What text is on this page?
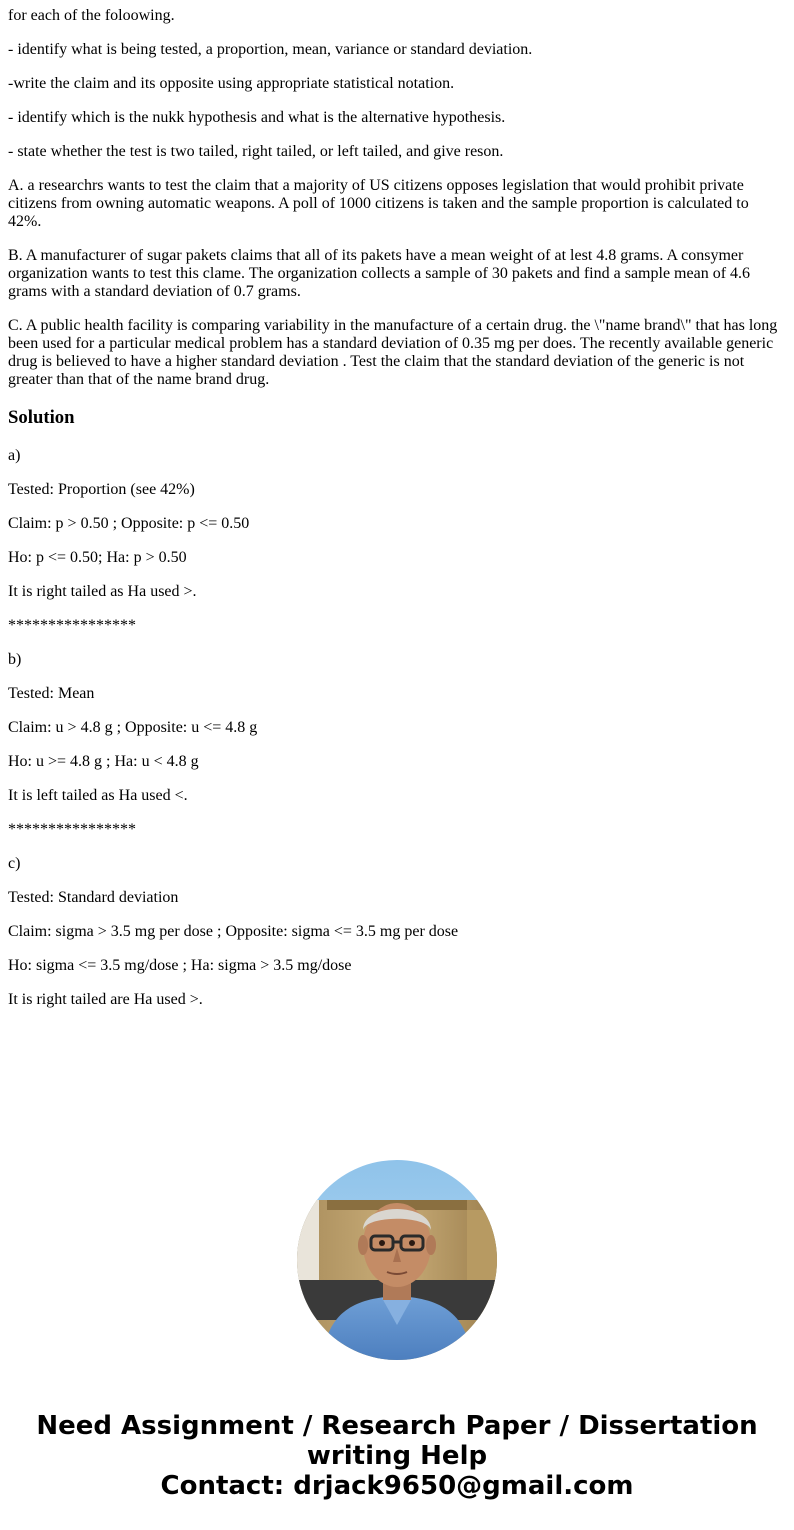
for each of the foloowing.

- identify what is being tested, a proportion, mean, variance or standard deviation.

-write the claim and its opposite using appropriate statistical notation.

- identify which is the nukk hypothesis and what is the alternative hypothesis.

- state whether the test is two tailed, right tailed, or left tailed, and give reson.

A. a researchrs wants to test the claim that a majority of US citizens opposes legislation that would prohibit private citizens from owning automatic weapons. A poll of 1000 citizens is taken and the sample proportion is calculated to 42%.

B. A manufacturer of sugar pakets claims that all of its pakets have a mean weight of at lest 4.8 grams. A consymer organization wants to test this clame. The organization collects a sample of 30 pakets and find a sample mean of 4.6 grams with a standard deviation of 0.7 grams.

C. A public health facility is comparing variability in the manufacture of a certain drug. the \"name brand\" that has long been used for a particular medical problem has a standard deviation of 0.35 mg per does. The recently available generic drug is believed to have a higher standard deviation . Test the claim that the standard deviation of the generic is not greater than that of the name brand drug.

Solution

a)

Tested: Proportion (see 42%)

Claim: p > 0.50 ; Opposite: p <= 0.50

Ho: p <= 0.50; Ha: p > 0.50

It is right tailed as Ha used >.

****************

b)

Tested: Mean

Claim: u > 4.8 g ; Opposite: u <= 4.8 g

Ho: u >= 4.8 g ; Ha: u < 4.8 g

It is left tailed as Ha used <.

****************

c)

Tested: Standard deviation

Claim: sigma > 3.5 mg per dose ; Opposite: sigma <= 3.5 mg per dose

Ho: sigma <= 3.5 mg/dose ; Ha: sigma > 3.5 mg/dose

It is right tailed are Ha used >.

Need Assignment / Research Paper / Dissertation
writing Help
Contact: drjack9650@gmail.com
